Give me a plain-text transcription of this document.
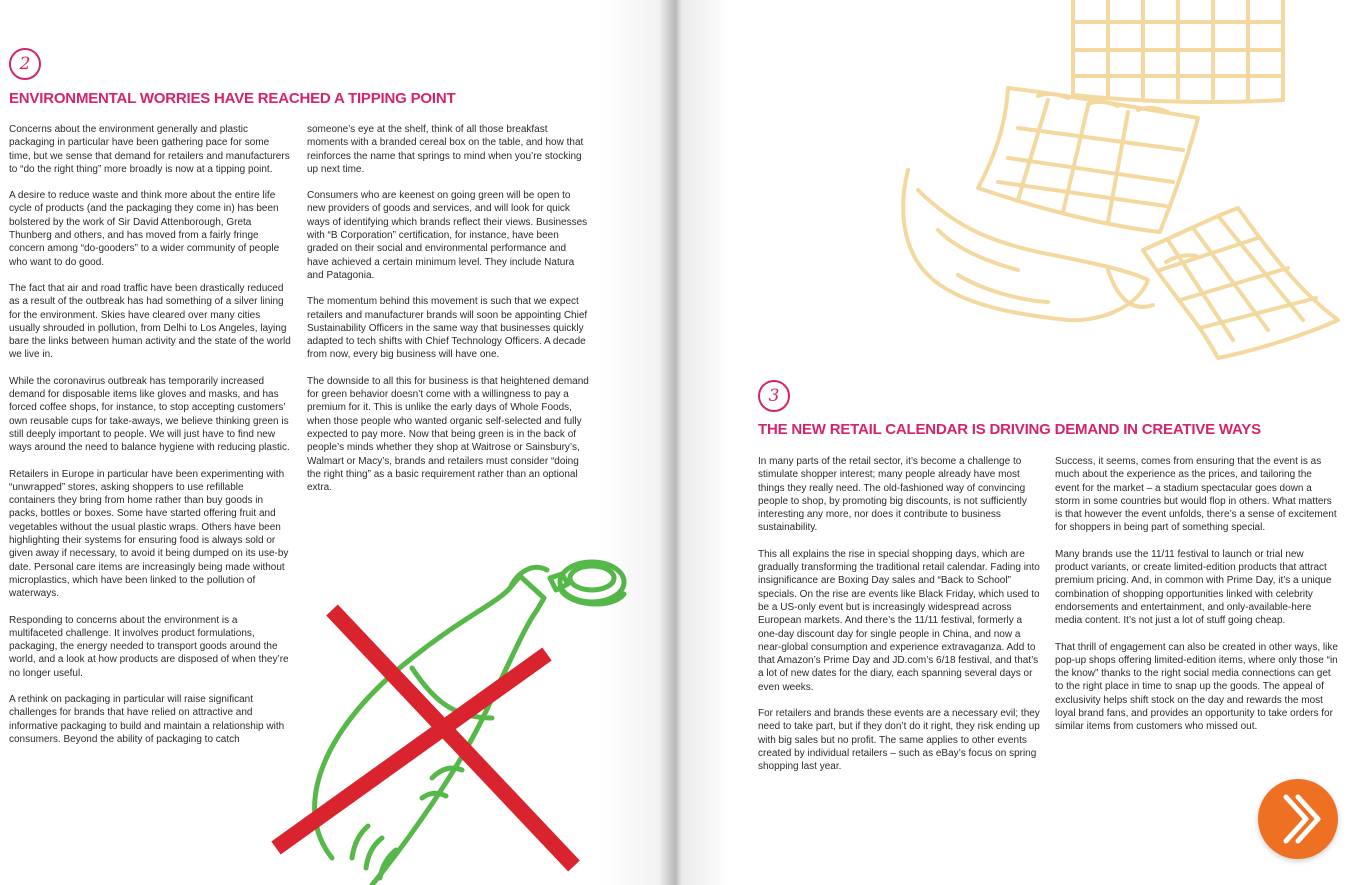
2
ENVIRONMENTAL WORRIES HAVE REACHED A TIPPING POINT

Concerns about the environment generally and plastic packaging in particular have been gathering pace for some time, but we sense that demand for retailers and manufacturers to “do the right thing” more broadly is now at a tipping point.

A desire to reduce waste and think more about the entire life cycle of products (and the packaging they come in) has been bolstered by the work of Sir David Attenborough, Greta Thunberg and others, and has moved from a fairly fringe concern among “do-gooders” to a wider community of people who want to do good.

The fact that air and road traffic have been drastically reduced as a result of the outbreak has had something of a silver lining for the environment. Skies have cleared over many cities usually shrouded in pollution, from Delhi to Los Angeles, laying bare the links between human activity and the state of the world we live in.

While the coronavirus outbreak has temporarily increased demand for disposable items like gloves and masks, and has forced coffee shops, for instance, to stop accepting customers’ own reusable cups for take-aways, we believe thinking green is still deeply important to people. We will just have to find new ways around the need to balance hygiene with reducing plastic.

Retailers in Europe in particular have been experimenting with “unwrapped” stores, asking shoppers to use refillable containers they bring from home rather than buy goods in packs, bottles or boxes. Some have started offering fruit and vegetables without the usual plastic wraps. Others have been highlighting their systems for ensuring food is always sold or given away if necessary, to avoid it being dumped on its use-by date. Personal care items are increasingly being made without microplastics, which have been linked to the pollution of waterways.

Responding to concerns about the environment is a multifaceted challenge. It involves product formulations, packaging, the energy needed to transport goods around the world, and a look at how products are disposed of when they’re no longer useful.

A rethink on packaging in particular will raise significant challenges for brands that have relied on attractive and informative packaging to build and maintain a relationship with consumers. Beyond the ability of packaging to catch

someone’s eye at the shelf, think of all those breakfast moments with a branded cereal box on the table, and how that reinforces the name that springs to mind when you’re stocking up next time.

Consumers who are keenest on going green will be open to new providers of goods and services, and will look for quick ways of identifying which brands reflect their views. Businesses with “B Corporation” certification, for instance, have been graded on their social and environmental performance and have achieved a certain minimum level. They include Natura and Patagonia.

The momentum behind this movement is such that we expect retailers and manufacturer brands will soon be appointing Chief Sustainability Officers in the same way that businesses quickly adapted to tech shifts with Chief Technology Officers. A decade from now, every big business will have one.

The downside to all this for business is that heightened demand for green behavior doesn’t come with a willingness to pay a premium for it. This is unlike the early days of Whole Foods, when those people who wanted organic self-selected and fully expected to pay more. Now that being green is in the back of people’s minds whether they shop at Waitrose or Sainsbury’s, Walmart or Macy’s, brands and retailers must consider “doing the right thing” as a basic requirement rather than an optional extra.

3
THE NEW RETAIL CALENDAR IS DRIVING DEMAND IN CREATIVE WAYS

In many parts of the retail sector, it’s become a challenge to stimulate shopper interest; many people already have most things they really need. The old-fashioned way of convincing people to shop, by promoting big discounts, is not sufficiently interesting any more, nor does it contribute to business sustainability.

This all explains the rise in special shopping days, which are gradually transforming the traditional retail calendar. Fading into insignificance are Boxing Day sales and “Back to School” specials. On the rise are events like Black Friday, which used to be a US-only event but is increasingly widespread across European markets. And there’s the 11/11 festival, formerly a one-day discount day for single people in China, and now a near-global consumption and experience extravaganza. Add to that Amazon’s Prime Day and JD.com’s 6/18 festival, and that’s a lot of new dates for the diary, each spanning several days or even weeks.

For retailers and brands these events are a necessary evil; they need to take part, but if they don’t do it right, they risk ending up with big sales but no profit. The same applies to other events created by individual retailers – such as eBay’s focus on spring shopping last year.

Success, it seems, comes from ensuring that the event is as much about the experience as the prices, and tailoring the event for the market – a stadium spectacular goes down a storm in some countries but would flop in others. What matters is that however the event unfolds, there’s a sense of excitement for shoppers in being part of something special.

Many brands use the 11/11 festival to launch or trial new product variants, or create limited-edition products that attract premium pricing. And, in common with Prime Day, it’s a unique combination of shopping opportunities linked with celebrity endorsements and entertainment, and only-available-here media content. It’s not just a lot of stuff going cheap.

That thrill of engagement can also be created in other ways, like pop-up shops offering limited-edition items, where only those “in the know” thanks to the right social media connections can get to the right place in time to snap up the goods. The appeal of exclusivity helps shift stock on the day and rewards the most loyal brand fans, and provides an opportunity to take orders for similar items from customers who missed out.
